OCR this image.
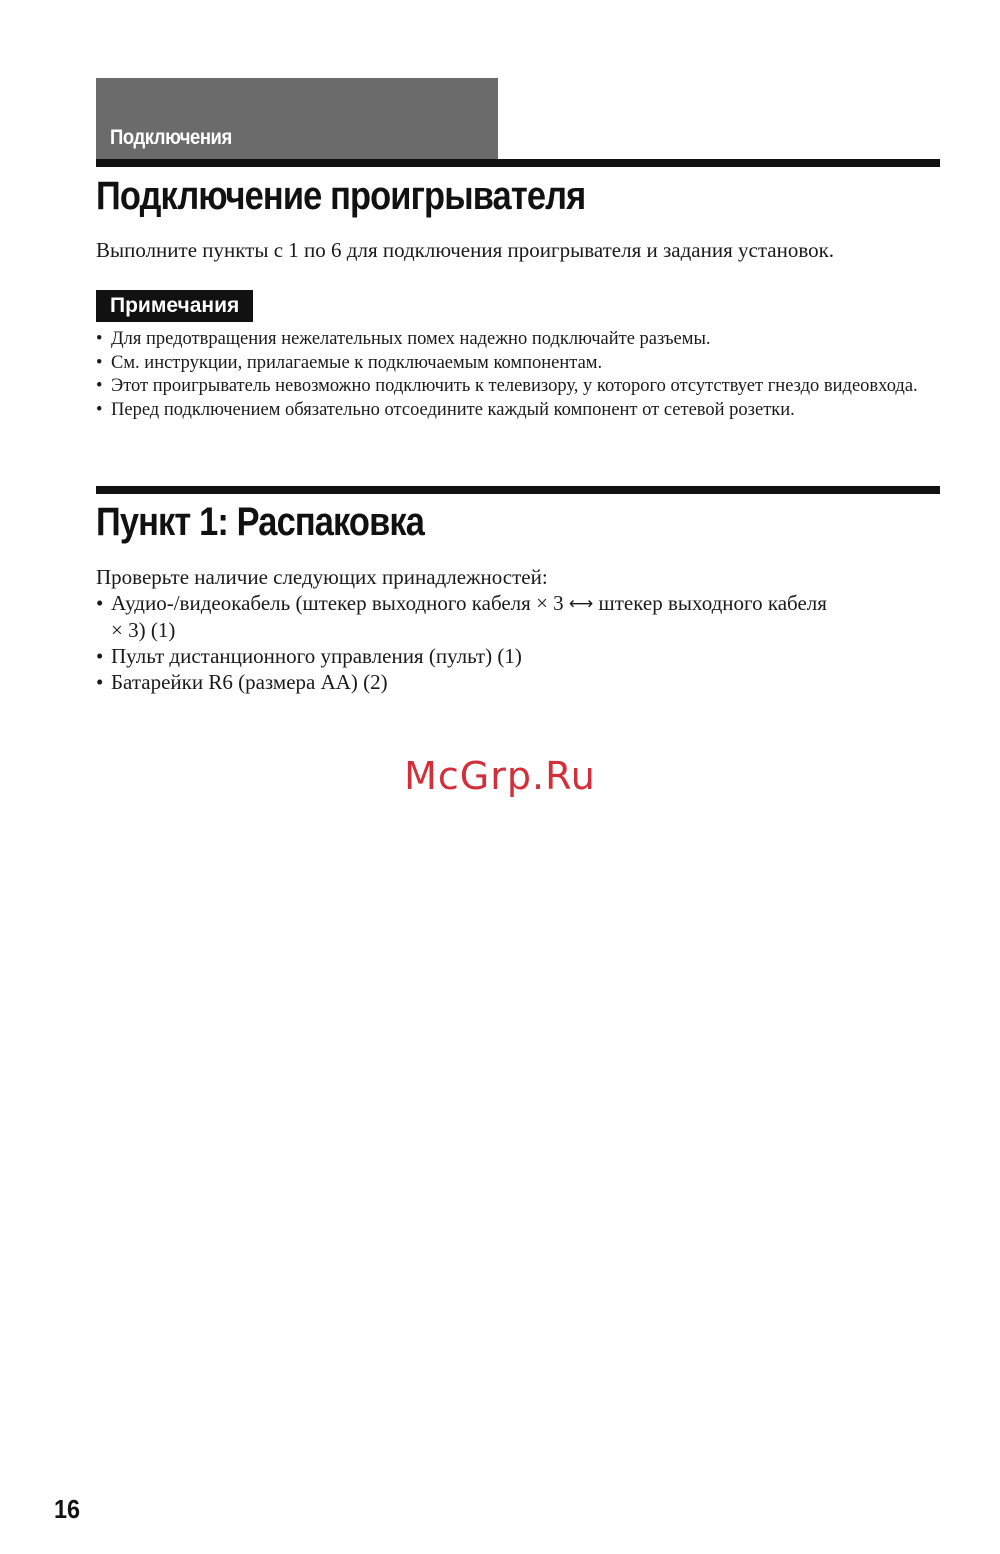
Подключения
Подключение проигрывателя
Выполните пункты с 1 по 6 для подключения проигрывателя и задания установок.
Примечания
• Для предотвращения нежелательных помех надежно подключайте разъемы.
• См. инструкции, прилагаемые к подключаемым компонентам.
• Этот проигрыватель невозможно подключить к телевизору, у которого отсутствует гнездо видеовхода.
• Перед подключением обязательно отсоедините каждый компонент от сетевой розетки.
Пункт 1: Распаковка
Проверьте наличие следующих принадлежностей:
• Аудио-/видеокабель (штекер выходного кабеля × 3 ⟷ штекер выходного кабеля
× 3) (1)
• Пульт дистанционного управления (пульт) (1)
• Батарейки R6 (размера AA) (2)
McGrp.Ru
16
